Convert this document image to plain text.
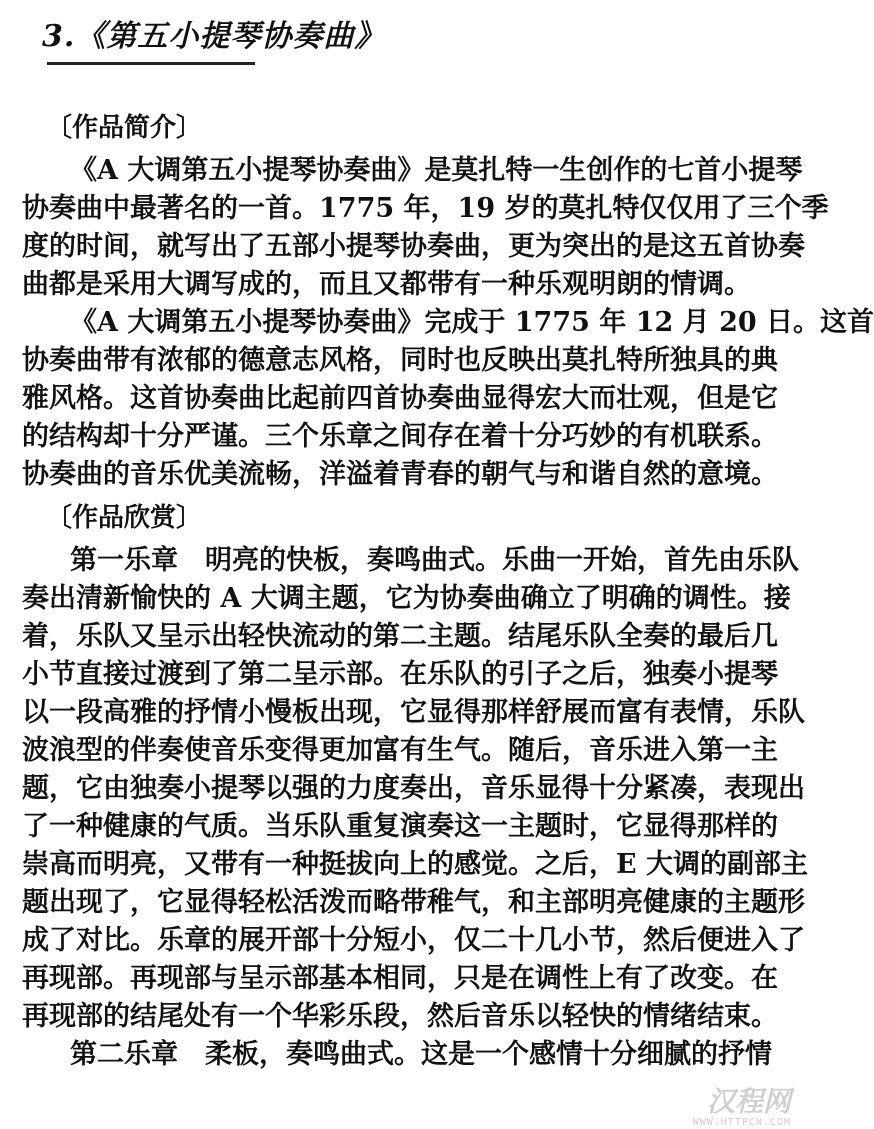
3.《第五小提琴协奏曲》
〔作品简介〕
《A 大调第五小提琴协奏曲》是莫扎特一生创作的七首小提琴
协奏曲中最著名的一首。1775 年，19 岁的莫扎特仅仅用了三个季
度的时间，就写出了五部小提琴协奏曲，更为突出的是这五首协奏
曲都是采用大调写成的，而且又都带有一种乐观明朗的情调。
《A 大调第五小提琴协奏曲》完成于 1775 年 12 月 20 日。这首
协奏曲带有浓郁的德意志风格，同时也反映出莫扎特所独具的典
雅风格。这首协奏曲比起前四首协奏曲显得宏大而壮观，但是它
的结构却十分严谨。三个乐章之间存在着十分巧妙的有机联系。
协奏曲的音乐优美流畅，洋溢着青春的朝气与和谐自然的意境。
〔作品欣赏〕
第一乐章　明亮的快板，奏鸣曲式。乐曲一开始，首先由乐队
奏出清新愉快的 A 大调主题，它为协奏曲确立了明确的调性。接
着，乐队又呈示出轻快流动的第二主题。结尾乐队全奏的最后几
小节直接过渡到了第二呈示部。在乐队的引子之后，独奏小提琴
以一段高雅的抒情小慢板出现，它显得那样舒展而富有表情，乐队
波浪型的伴奏使音乐变得更加富有生气。随后，音乐进入第一主
题，它由独奏小提琴以强的力度奏出，音乐显得十分紧凑，表现出
了一种健康的气质。当乐队重复演奏这一主题时，它显得那样的
崇高而明亮，又带有一种挺拔向上的感觉。之后，E 大调的副部主
题出现了，它显得轻松活泼而略带稚气，和主部明亮健康的主题形
成了对比。乐章的展开部十分短小，仅二十几小节，然后便进入了
再现部。再现部与呈示部基本相同，只是在调性上有了改变。在
再现部的结尾处有一个华彩乐段，然后音乐以轻快的情绪结束。
第二乐章　柔板，奏鸣曲式。这是一个感情十分细腻的抒情
汉程网
WWW.HTTPCN.COM
